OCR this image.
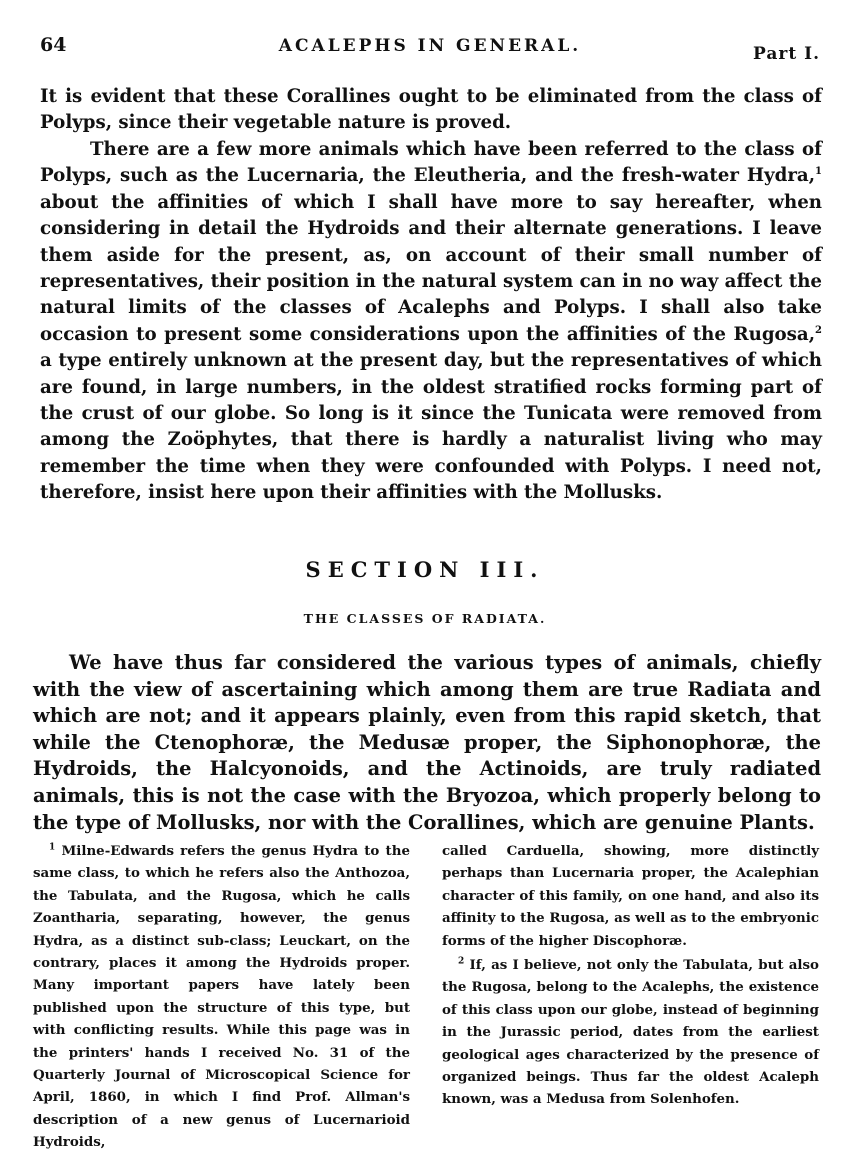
64	ACALEPHS IN GENERAL.	Part I.

It is evident that these Corallines ought to be eliminated from the class of Polyps, since their vegetable nature is proved.

There are a few more animals which have been referred to the class of Polyps, such as the Lucernaria, the Eleutheria, and the fresh-water Hydra,$^1$ about the affinities of which I shall have more to say hereafter, when considering in detail the Hydroids and their alternate generations. I leave them aside for the present, as, on account of their small number of representatives, their position in the natural system can in no way affect the natural limits of the classes of Acalephs and Polyps. I shall also take occasion to present some considerations upon the affinities of the Rugosa,$^2$ a type entirely unknown at the present day, but the representatives of which are found, in large numbers, in the oldest stratified rocks forming part of the crust of our globe. So long is it since the Tunicata were removed from among the Zoöphytes, that there is hardly a naturalist living who may remember the time when they were confounded with Polyps. I need not, therefore, insist here upon their affinities with the Mollusks.

SECTION III.
THE CLASSES OF RADIATA.

We have thus far considered the various types of animals, chiefly with the view of ascertaining which among them are true Radiata and which are not; and it appears plainly, even from this rapid sketch, that while the Ctenophoræ, the Medusæ proper, the Siphonophoræ, the Hydroids, the Halcyonoids, and the Actinoids, are truly radiated animals, this is not the case with the Bryozoa, which properly belong to the type of Mollusks, nor with the Corallines, which are genuine Plants.

$^1$ Milne-Edwards refers the genus Hydra to the same class, to which he refers also the Anthozoa, the Tabulata, and the Rugosa, which he calls Zoantharia, separating, however, the genus Hydra, as a distinct sub-class; Leuckart, on the contrary, places it among the Hydroids proper. Many important papers have lately been published upon the structure of this type, but with conflicting results. While this page was in the printers' hands I received No. 31 of the Quarterly Journal of Microscopical Science for April, 1860, in which I find Prof. Allman's description of a new genus of Lucernarioid Hydroids,

called Carduella, showing, more distinctly perhaps than Lucernaria proper, the Acalephian character of this family, on one hand, and also its affinity to the Rugosa, as well as to the embryonic forms of the higher Discophoræ.

$^2$ If, as I believe, not only the Tabulata, but also the Rugosa, belong to the Acalephs, the existence of this class upon our globe, instead of beginning in the Jurassic period, dates from the earliest geological ages characterized by the presence of organized beings. Thus far the oldest Acaleph known, was a Medusa from Solenhofen.
